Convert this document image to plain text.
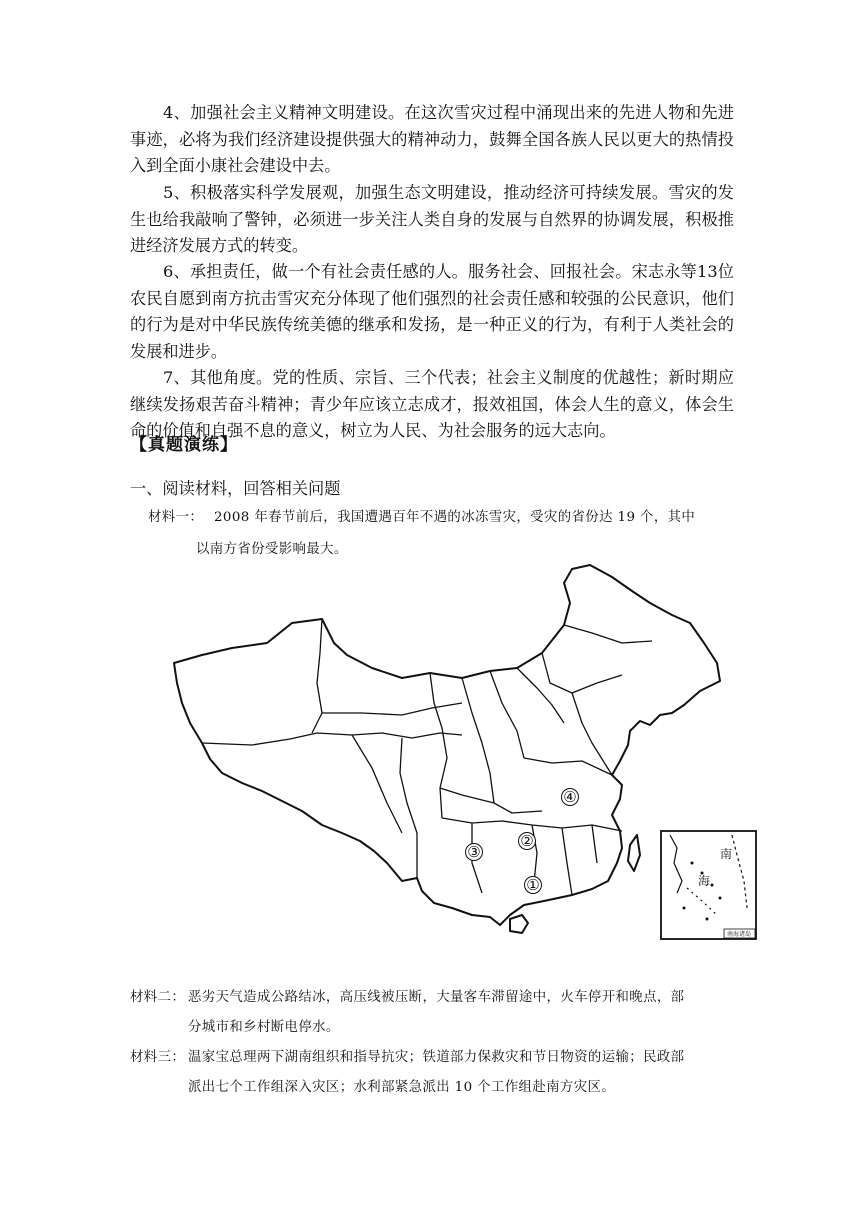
4、加强社会主义精神文明建设。在这次雪灾过程中涌现出来的先进人物和先进事迹，必将为我们经济建设提供强大的精神动力，鼓舞全国各族人民以更大的热情投入到全面小康社会建设中去。

5、积极落实科学发展观，加强生态文明建设，推动经济可持续发展。雪灾的发生也给我敲响了警钟，必须进一步关注人类自身的发展与自然界的协调发展，积极推进经济发展方式的转变。

6、承担责任，做一个有社会责任感的人。服务社会、回报社会。宋志永等13位农民自愿到南方抗击雪灾充分体现了他们强烈的社会责任感和较强的公民意识，他们的行为是对中华民族传统美德的继承和发扬，是一种正义的行为，有利于人类社会的发展和进步。

7、其他角度。党的性质、宗旨、三个代表；社会主义制度的优越性；新时期应继续发扬艰苦奋斗精神；青少年应该立志成才，报效祖国，体会人生的意义，体会生命的价值和自强不息的意义，树立为人民、为社会服务的远大志向。

【真题演练】
一、阅读材料，回答相关问题
材料一： 2008 年春节前后，我国遭遇百年不遇的冰冻雪灾，受灾的省份达 19 个，其中
以南方省份受影响最大。
④
②
③
①
南
海
南海诸岛
材料二： 恶劣天气造成公路结冰，高压线被压断，大量客车滞留途中，火车停开和晚点，部
分城市和乡村断电停水。
材料三： 温家宝总理两下湖南组织和指导抗灾；铁道部力保救灾和节日物资的运输；民政部
派出七个工作组深入灾区；水利部紧急派出 10 个工作组赴南方灾区。
